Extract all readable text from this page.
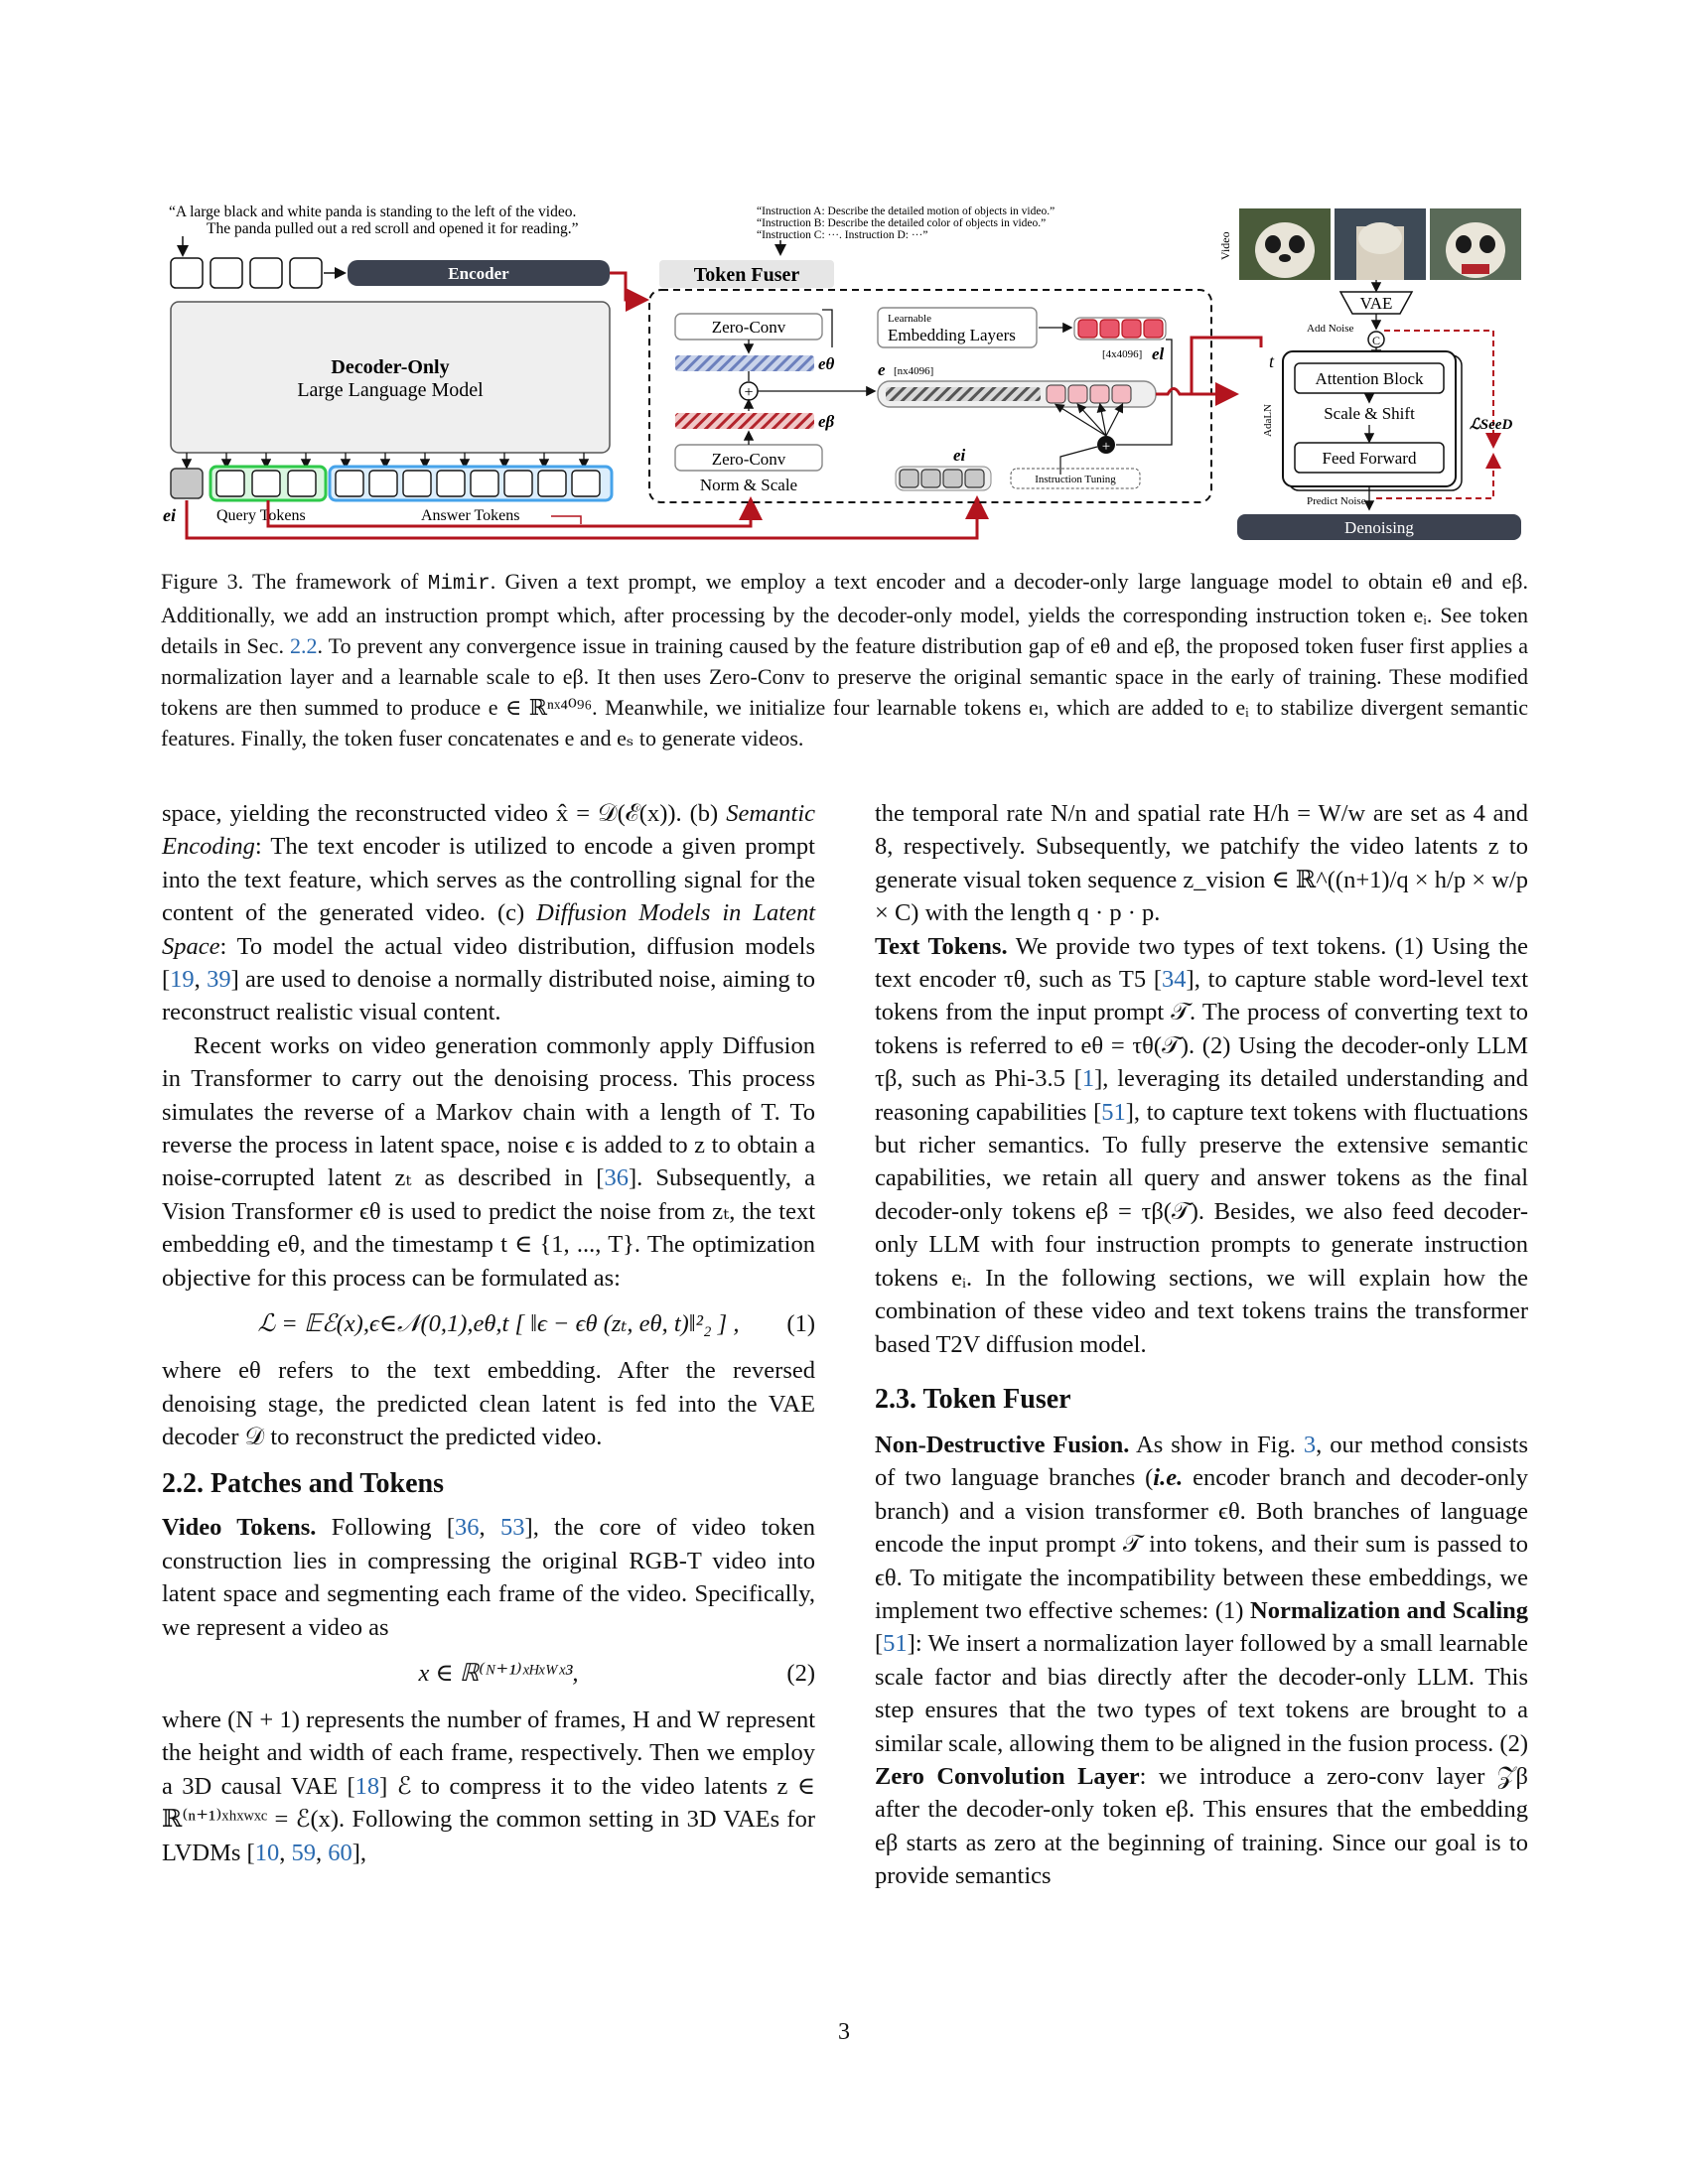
“A large black and white panda is standing to the left of the video.
The panda pulled out a red scroll and opened it for reading.”
“Instruction A: Describe the detailed motion of objects in video.”
“Instruction B: Describe the detailed color of objects in video.”
“Instruction C: ···. Instruction D: ···”
Encoder
Decoder-Only
Large Language Model
ei	Query Tokens	Answer Tokens
Token Fuser
Zero-Conv
eθ
+
eβ
Zero-Conv
Norm & Scale
Learnable
Embedding Layers
[4x4096] el
e [nx4096]
+
ei
Instruction Tuning
Video
VAE
Add Noise
C
t
AdaLN
Attention Block
Scale & Shift
Feed Forward
Predict Noise
ℒSeeD
Denoising
Figure 3. The framework of Mimir. Given a text prompt, we employ a text encoder and a decoder-only large language model to obtain eθ and eβ. Additionally, we add an instruction prompt which, after processing by the decoder-only model, yields the corresponding instruction token eᵢ. See token details in Sec. 2.2. To prevent any convergence issue in training caused by the feature distribution gap of eθ and eβ, the proposed token fuser first applies a normalization layer and a learnable scale to eβ. It then uses Zero-Conv to preserve the original semantic space in the early of training. These modified tokens are then summed to produce e ∈ ℝⁿˣ⁴⁰⁹⁶. Meanwhile, we initialize four learnable tokens eₗ, which are added to eᵢ to stabilize divergent semantic features. Finally, the token fuser concatenates e and eₛ to generate videos.

space, yielding the reconstructed video x̂ = 𝒟(ℰ(x)). (b) Semantic Encoding: The text encoder is utilized to encode a given prompt into the text feature, which serves as the controlling signal for the content of the generated video. (c) Diffusion Models in Latent Space: To model the actual video distribution, diffusion models [19, 39] are used to denoise a normally distributed noise, aiming to reconstruct realistic visual content.

Recent works on video generation commonly apply Diffusion in Transformer to carry out the denoising process. This process simulates the reverse of a Markov chain with a length of T. To reverse the process in latent space, noise ϵ is added to z to obtain a noise-corrupted latent zₜ as described in [36]. Subsequently, a Vision Transformer ϵθ is used to predict the noise from zₜ, the text embedding eθ, and the timestamp t ∈ {1, ..., T}. The optimization objective for this process can be formulated as:

ℒ = 𝔼ℰ(x),ϵ∈𝒩(0,1),eθ,t [ ‖ϵ − ϵθ (zₜ, eθ, t)‖²₂ ] ,	(1)

where eθ refers to the text embedding. After the reversed denoising stage, the predicted clean latent is fed into the VAE decoder 𝒟 to reconstruct the predicted video.

2.2. Patches and Tokens

Video Tokens. Following [36, 53], the core of video token construction lies in compressing the original RGB-T video into latent space and segmenting each frame of the video. Specifically, we represent a video as

x ∈ ℝ⁽ᴺ⁺¹⁾ˣᴴˣᵂˣ³,	(2)

where (N + 1) represents the number of frames, H and W represent the height and width of each frame, respectively. Then we employ a 3D causal VAE [18] ℰ to compress it to the video latents z ∈ ℝ⁽ⁿ⁺¹⁾ˣʰˣʷˣᶜ = ℰ(x). Following the common setting in 3D VAEs for LVDMs [10, 59, 60],

the temporal rate N/n and spatial rate H/h = W/w are set as 4 and 8, respectively. Subsequently, we patchify the video latents z to generate visual token sequence z_vision ∈ ℝ^((n+1)/q × h/p × w/p × C) with the length q · p · p.

Text Tokens. We provide two types of text tokens. (1) Using the text encoder τθ, such as T5 [34], to capture stable word-level text tokens from the input prompt 𝒯. The process of converting text to tokens is referred to eθ = τθ(𝒯). (2) Using the decoder-only LLM τβ, such as Phi-3.5 [1], leveraging its detailed understanding and reasoning capabilities [51], to capture text tokens with fluctuations but richer semantics. To fully preserve the extensive semantic capabilities, we retain all query and answer tokens as the final decoder-only tokens eβ = τβ(𝒯). Besides, we also feed decoder-only LLM with four instruction prompts to generate instruction tokens eᵢ. In the following sections, we will explain how the combination of these video and text tokens trains the transformer based T2V diffusion model.

2.3. Token Fuser

Non-Destructive Fusion. As show in Fig. 3, our method consists of two language branches (i.e. encoder branch and decoder-only branch) and a vision transformer ϵθ. Both branches of language encode the input prompt 𝒯 into tokens, and their sum is passed to ϵθ. To mitigate the incompatibility between these embeddings, we implement two effective schemes: (1) Normalization and Scaling [51]: We insert a normalization layer followed by a small learnable scale factor and bias directly after the decoder-only LLM. This step ensures that the two types of text tokens are brought to a similar scale, allowing them to be aligned in the fusion process. (2) Zero Convolution Layer: we introduce a zero-conv layer 𝒵β after the decoder-only token eβ. This ensures that the embedding eβ starts as zero at the beginning of training. Since our goal is to provide semantics

3
